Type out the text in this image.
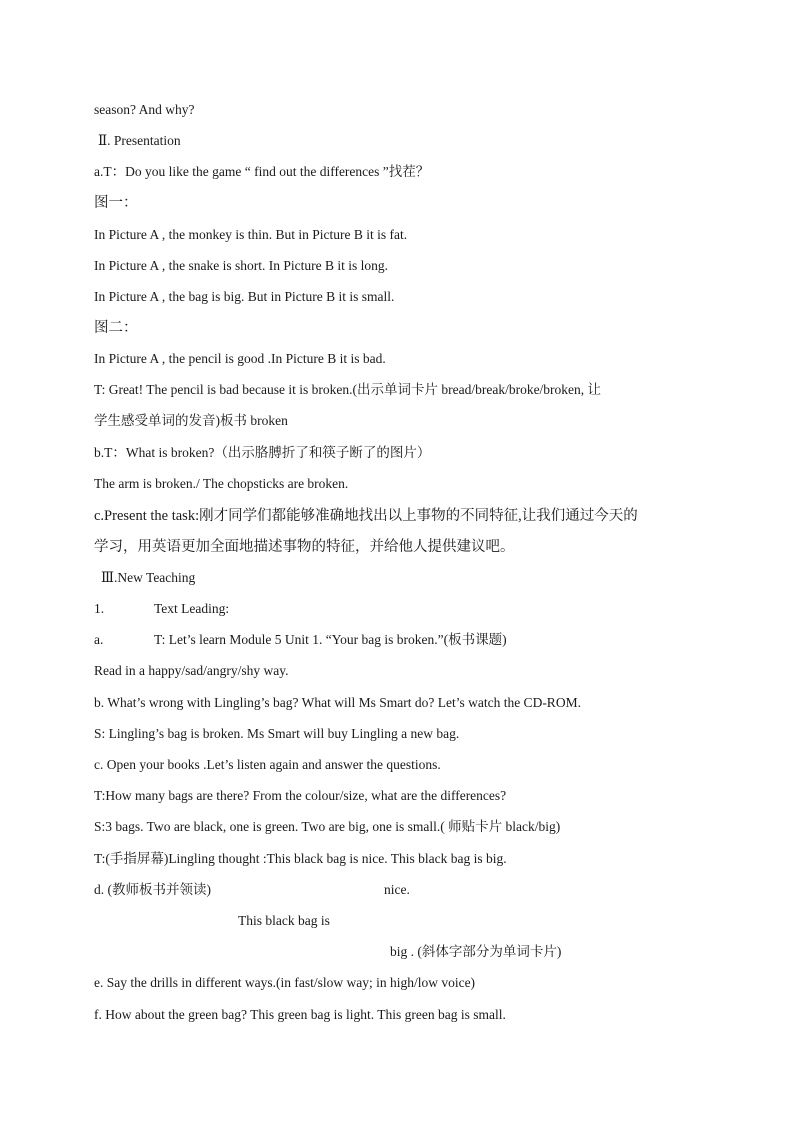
season? And why?
Ⅱ. Presentation
a.T：Do you like the game “ find out the differences ”找茬？
图一：
In Picture A , the monkey is thin. But in Picture B it is fat.
In Picture A , the snake is short. In Picture B it is long.
In Picture A , the bag is big. But in Picture B it is small.
图二：
In Picture A , the pencil is good .In Picture B it is bad.
T: Great! The pencil is bad because it is broken.(出示单词卡片 bread/break/broke/broken, 让
学生感受单词的发音)板书 broken
b.T：What is broken?（出示胳膊折了和筷子断了的图片）
The arm is broken./ The chopsticks are broken.
c.Present the task:刚才同学们都能够准确地找出以上事物的不同特征,让我们通过今天的
学习，用英语更加全面地描述事物的特征，并给他人提供建议吧。
Ⅲ.New Teaching
1.	Text Leading:
a.	T: Let’s learn Module 5 Unit 1. “Your bag is broken.”(板书课题)
Read in a happy/sad/angry/shy way.
b. What’s wrong with Lingling’s bag? What will Ms Smart do? Let’s watch the CD-ROM.
S: Lingling’s bag is broken. Ms Smart will buy Lingling a new bag.
c. Open your books .Let’s listen again and answer the questions.
T:How many bags are there? From the colour/size, what are the differences?
S:3 bags. Two are black, one is green. Two are big, one is small.( 师贴卡片 black/big)
T:(手指屏幕)Lingling thought :This black bag is nice. This black bag is big.
d. (教师板书并领读)	nice.
This black bag is
big . (斜体字部分为单词卡片)
e. Say the drills in different ways.(in fast/slow way; in high/low voice)
f. How about the green bag? This green bag is light. This green bag is small.
